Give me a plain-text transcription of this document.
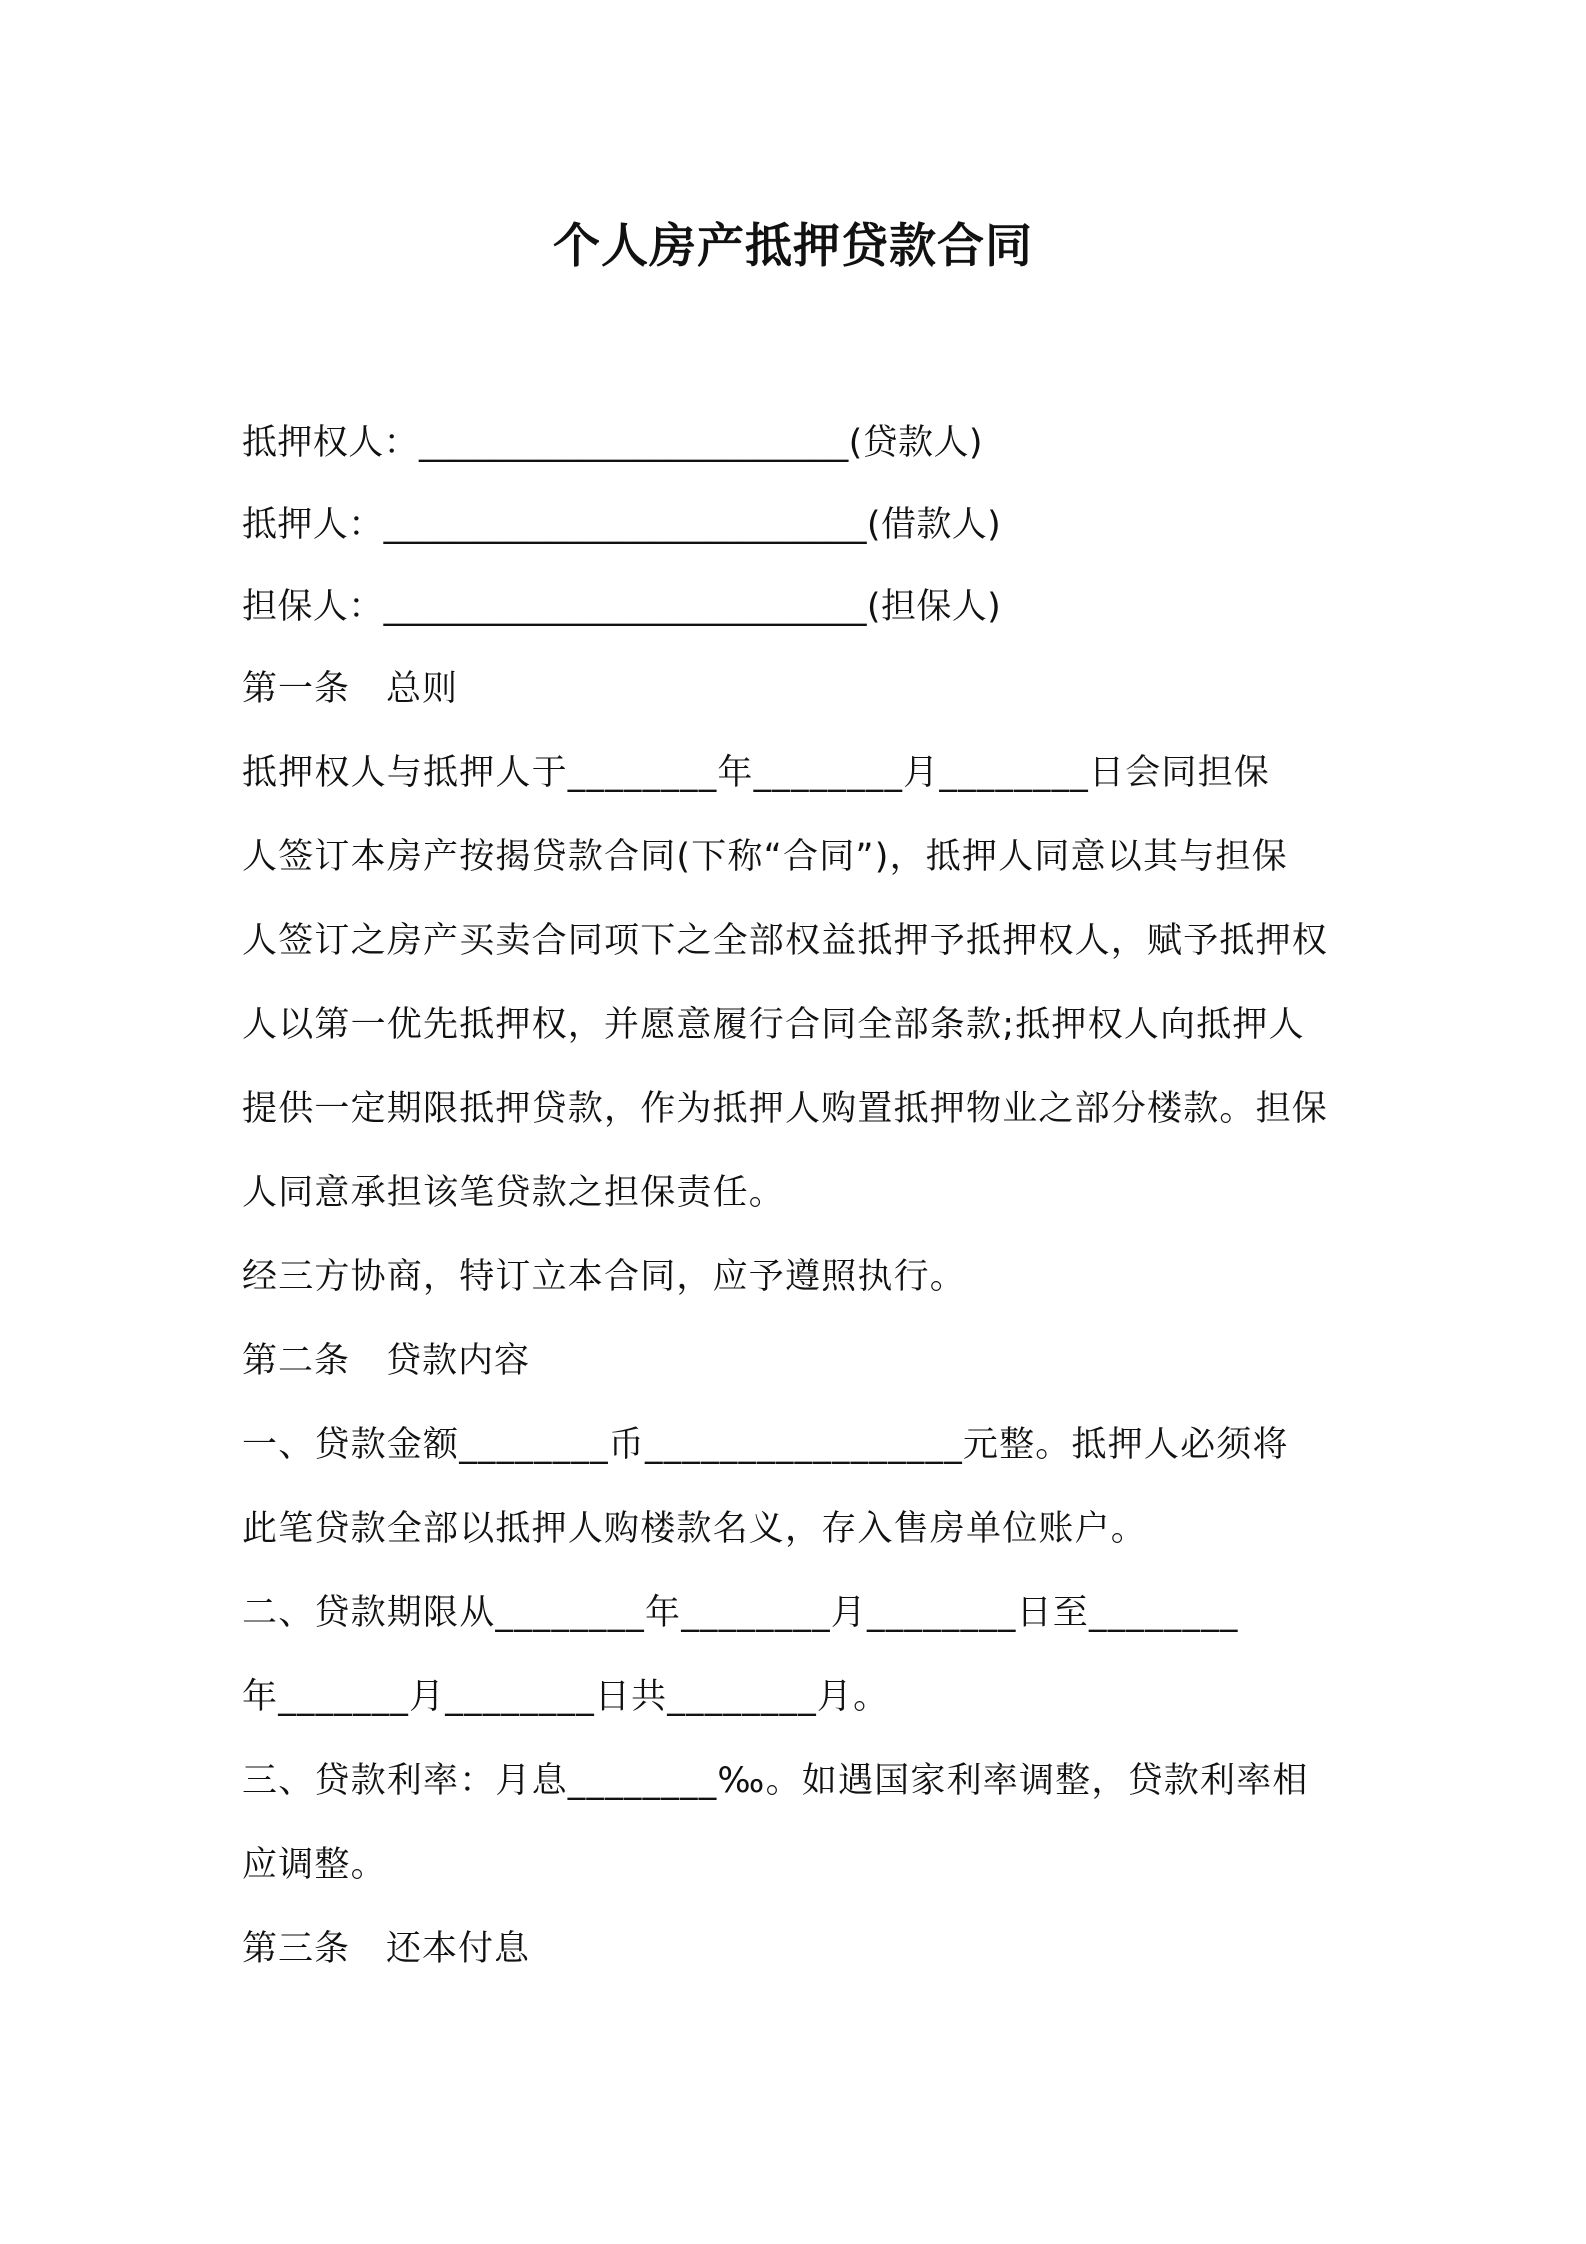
个人房产抵押贷款合同
抵押权人：________________________(贷款人)
抵押人：___________________________(借款人)
担保人：___________________________(担保人)
第一条 总则
抵押权人与抵押人于________年________月________日会同担保
人签订本房产按揭贷款合同(下称“合同”)，抵押人同意以其与担保
人签订之房产买卖合同项下之全部权益抵押予抵押权人，赋予抵押权
人以第一优先抵押权，并愿意履行合同全部条款;抵押权人向抵押人
提供一定期限抵押贷款，作为抵押人购置抵押物业之部分楼款。担保
人同意承担该笔贷款之担保责任。
经三方协商，特订立本合同，应予遵照执行。
第二条 贷款内容
一、贷款金额________币_________________元整。抵押人必须将
此笔贷款全部以抵押人购楼款名义，存入售房单位账户。
二、贷款期限从________年________月________日至________
年_______月________日共________月。
三、贷款利率：月息________‰。如遇国家利率调整，贷款利率相
应调整。
第三条 还本付息
